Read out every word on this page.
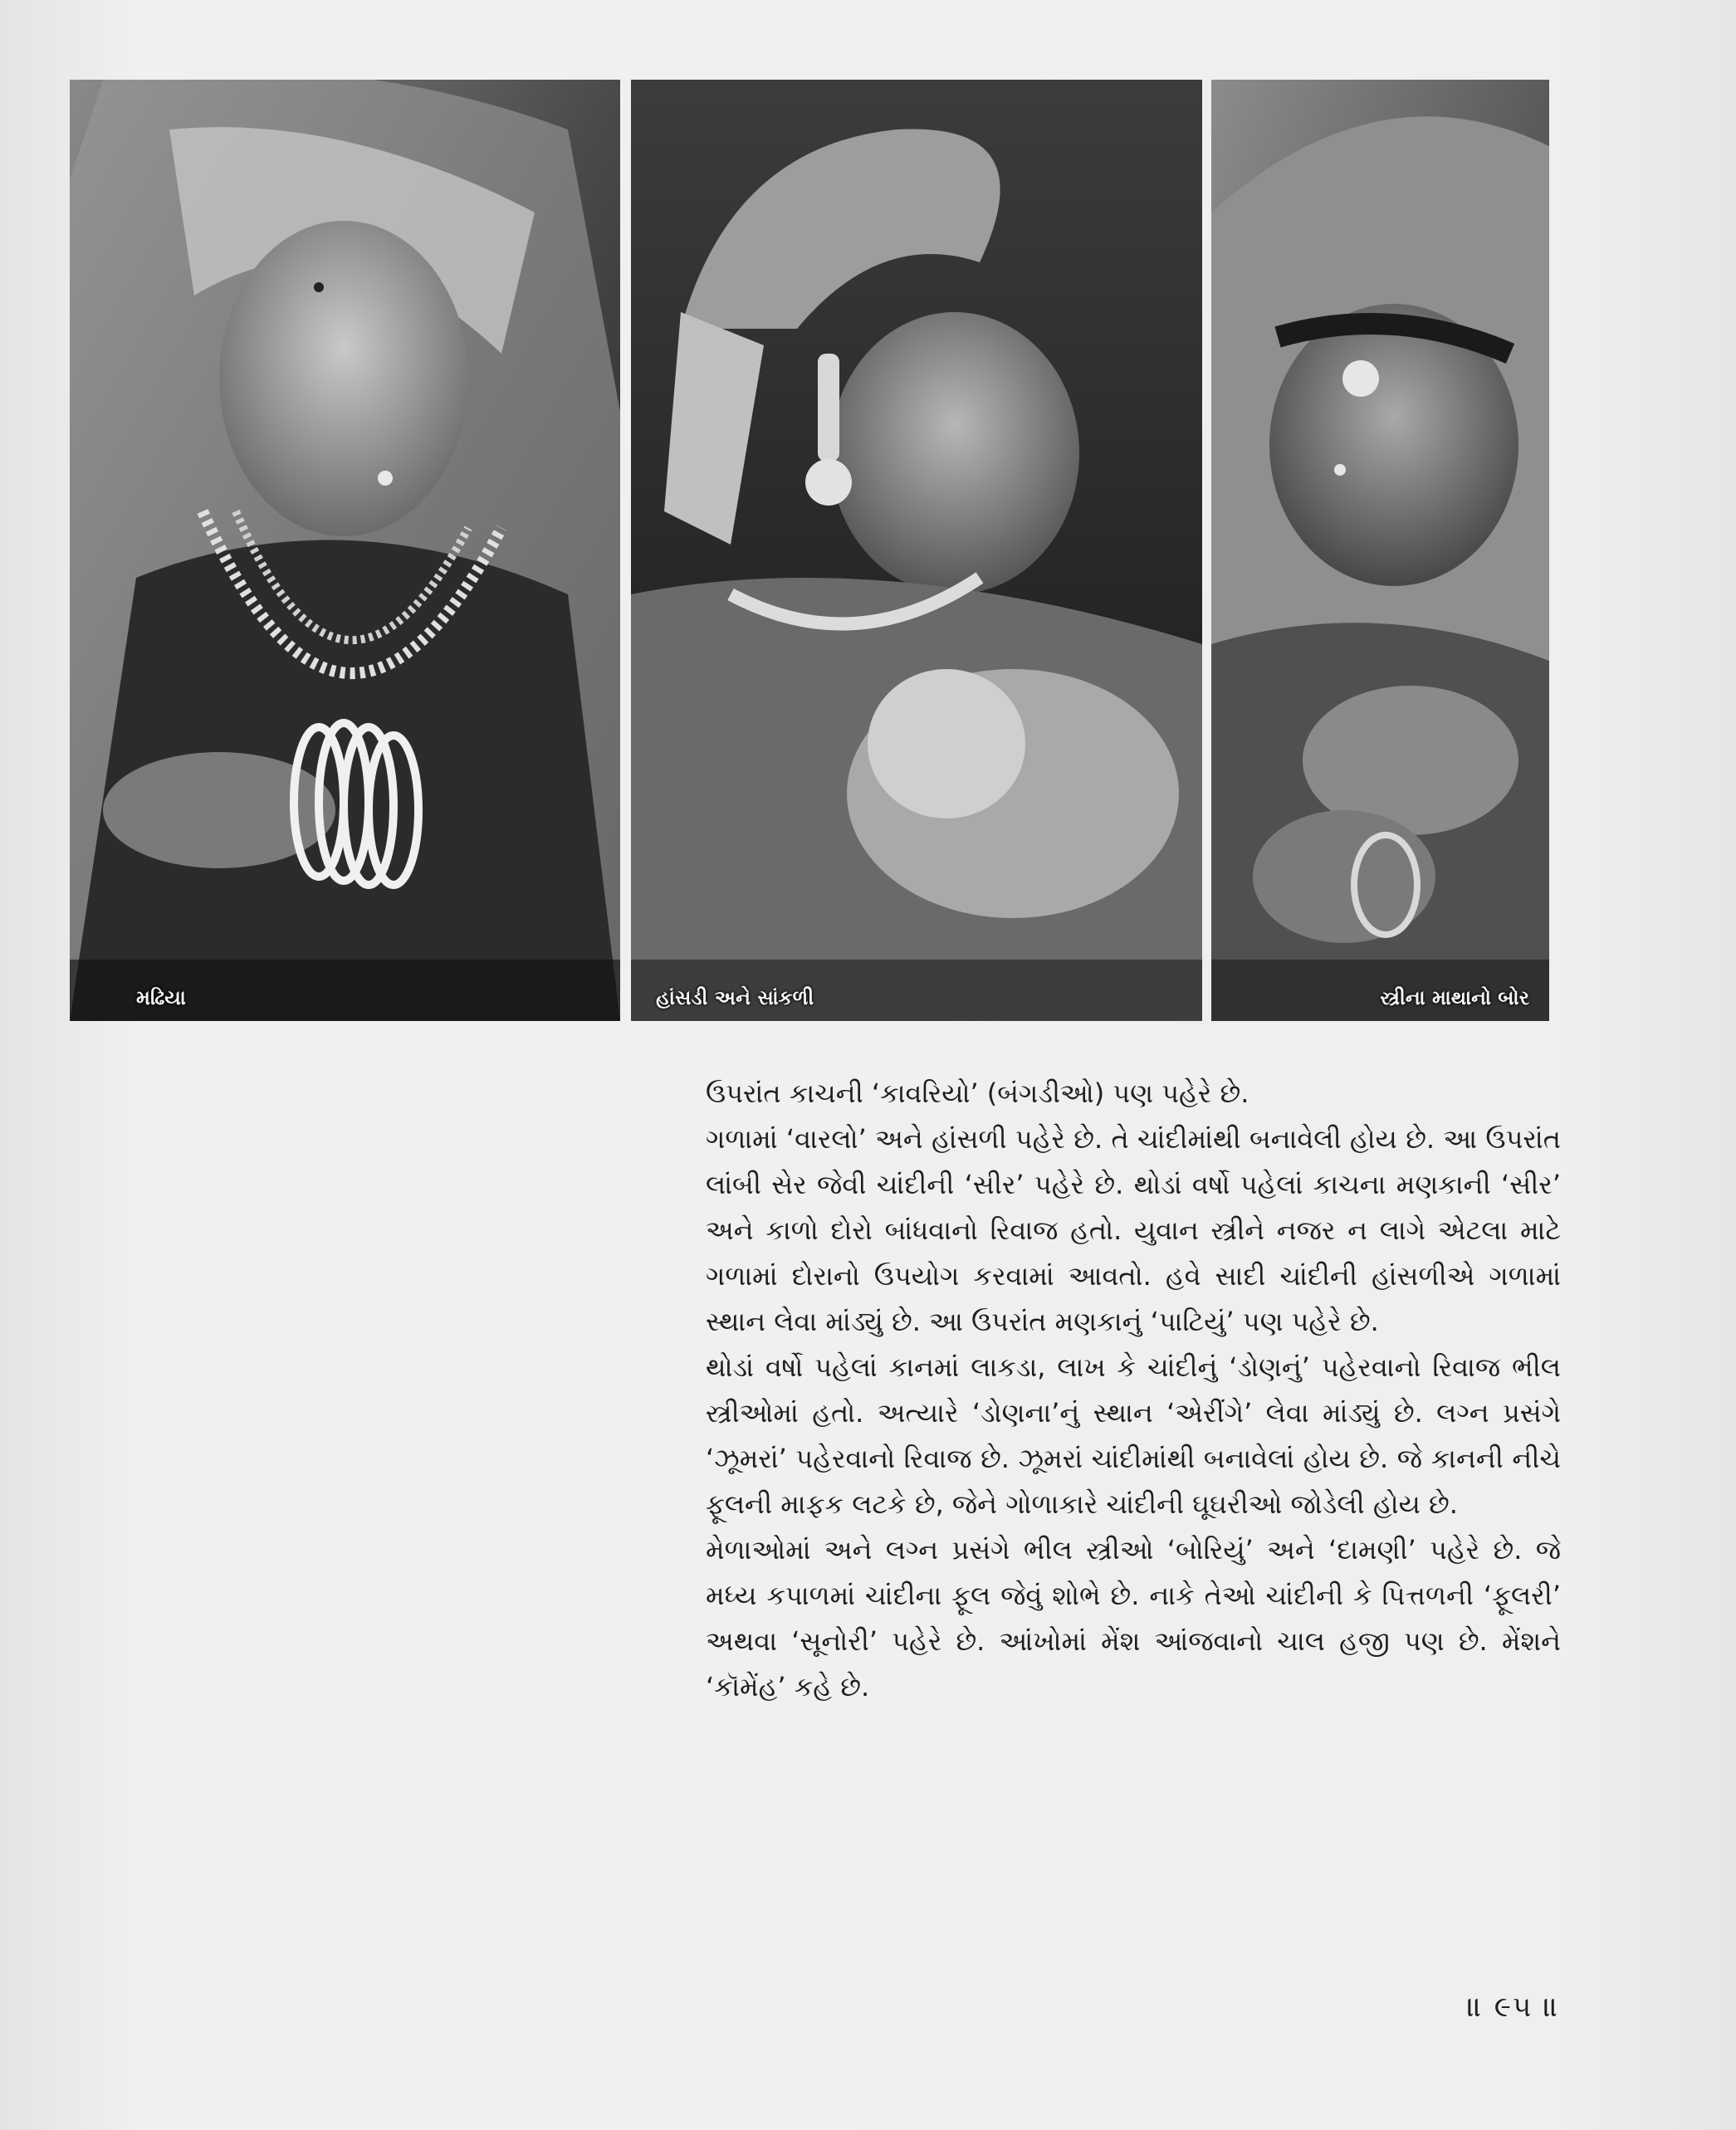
મઢિયા	હાંસડી અને સાંકળી	સ્ત્રીના માથાનો બોર

ઉપરાંત કાચની ‘કાવરિયો’ (બંગડીઓ) પણ પહેરે છે.

ગળામાં ‘વારલો’ અને હાંસળી પહેરે છે. તે ચાંદીમાંથી બનાવેલી હોય છે. આ ઉપરાંત લાંબી સેર જેવી ચાંદીની ‘સીર’ પહેરે છે. થોડાં વર્ષો પહેલાં કાચના મણકાની ‘સીર’ અને કાળો દોરો બાંધવાનો રિવાજ હતો. યુવાન સ્ત્રીને નજર ન લાગે એટલા માટે ગળામાં દોરાનો ઉપયોગ કરવામાં આવતો. હવે સાદી ચાંદીની હાંસળીએ ગળામાં સ્થાન લેવા માંડ્યું છે. આ ઉપરાંત મણકાનું ‘પાટિયું’ પણ પહેરે છે.

થોડાં વર્ષો પહેલાં કાનમાં લાકડા, લાખ કે ચાંદીનું ‘ડોણનું’ પહેરવાનો રિવાજ ભીલ સ્ત્રીઓમાં હતો. અત્યારે ‘ડોણના’નું સ્થાન ‘એરીંગે’ લેવા માંડ્યું છે. લગ્ન પ્રસંગે ‘ઝૂમરાં’ પહેરવાનો રિવાજ છે. ઝૂમરાં ચાંદીમાંથી બનાવેલાં હોય છે. જે કાનની નીચે ફૂલની માફક લટકે છે, જેને ગોળાકારે ચાંદીની ઘૂઘરીઓ જોડેલી હોય છે.

મેળાઓમાં અને લગ્ન પ્રસંગે ભીલ સ્ત્રીઓ ‘બોરિયું’ અને ‘દામણી’ પહેરે છે. જે મધ્ય કપાળમાં ચાંદીના ફૂલ જેવું શોભે છે. નાકે તેઓ ચાંદીની કે પિત્તળની ‘ફૂલરી’ અથવા ‘સૂનોરી’ પહેરે છે. આંખોમાં મેંશ આંજવાનો ચાલ હજી પણ છે. મેંશને ‘કૉમેંહ’ કહે છે.

॥ ૯૫ ॥
